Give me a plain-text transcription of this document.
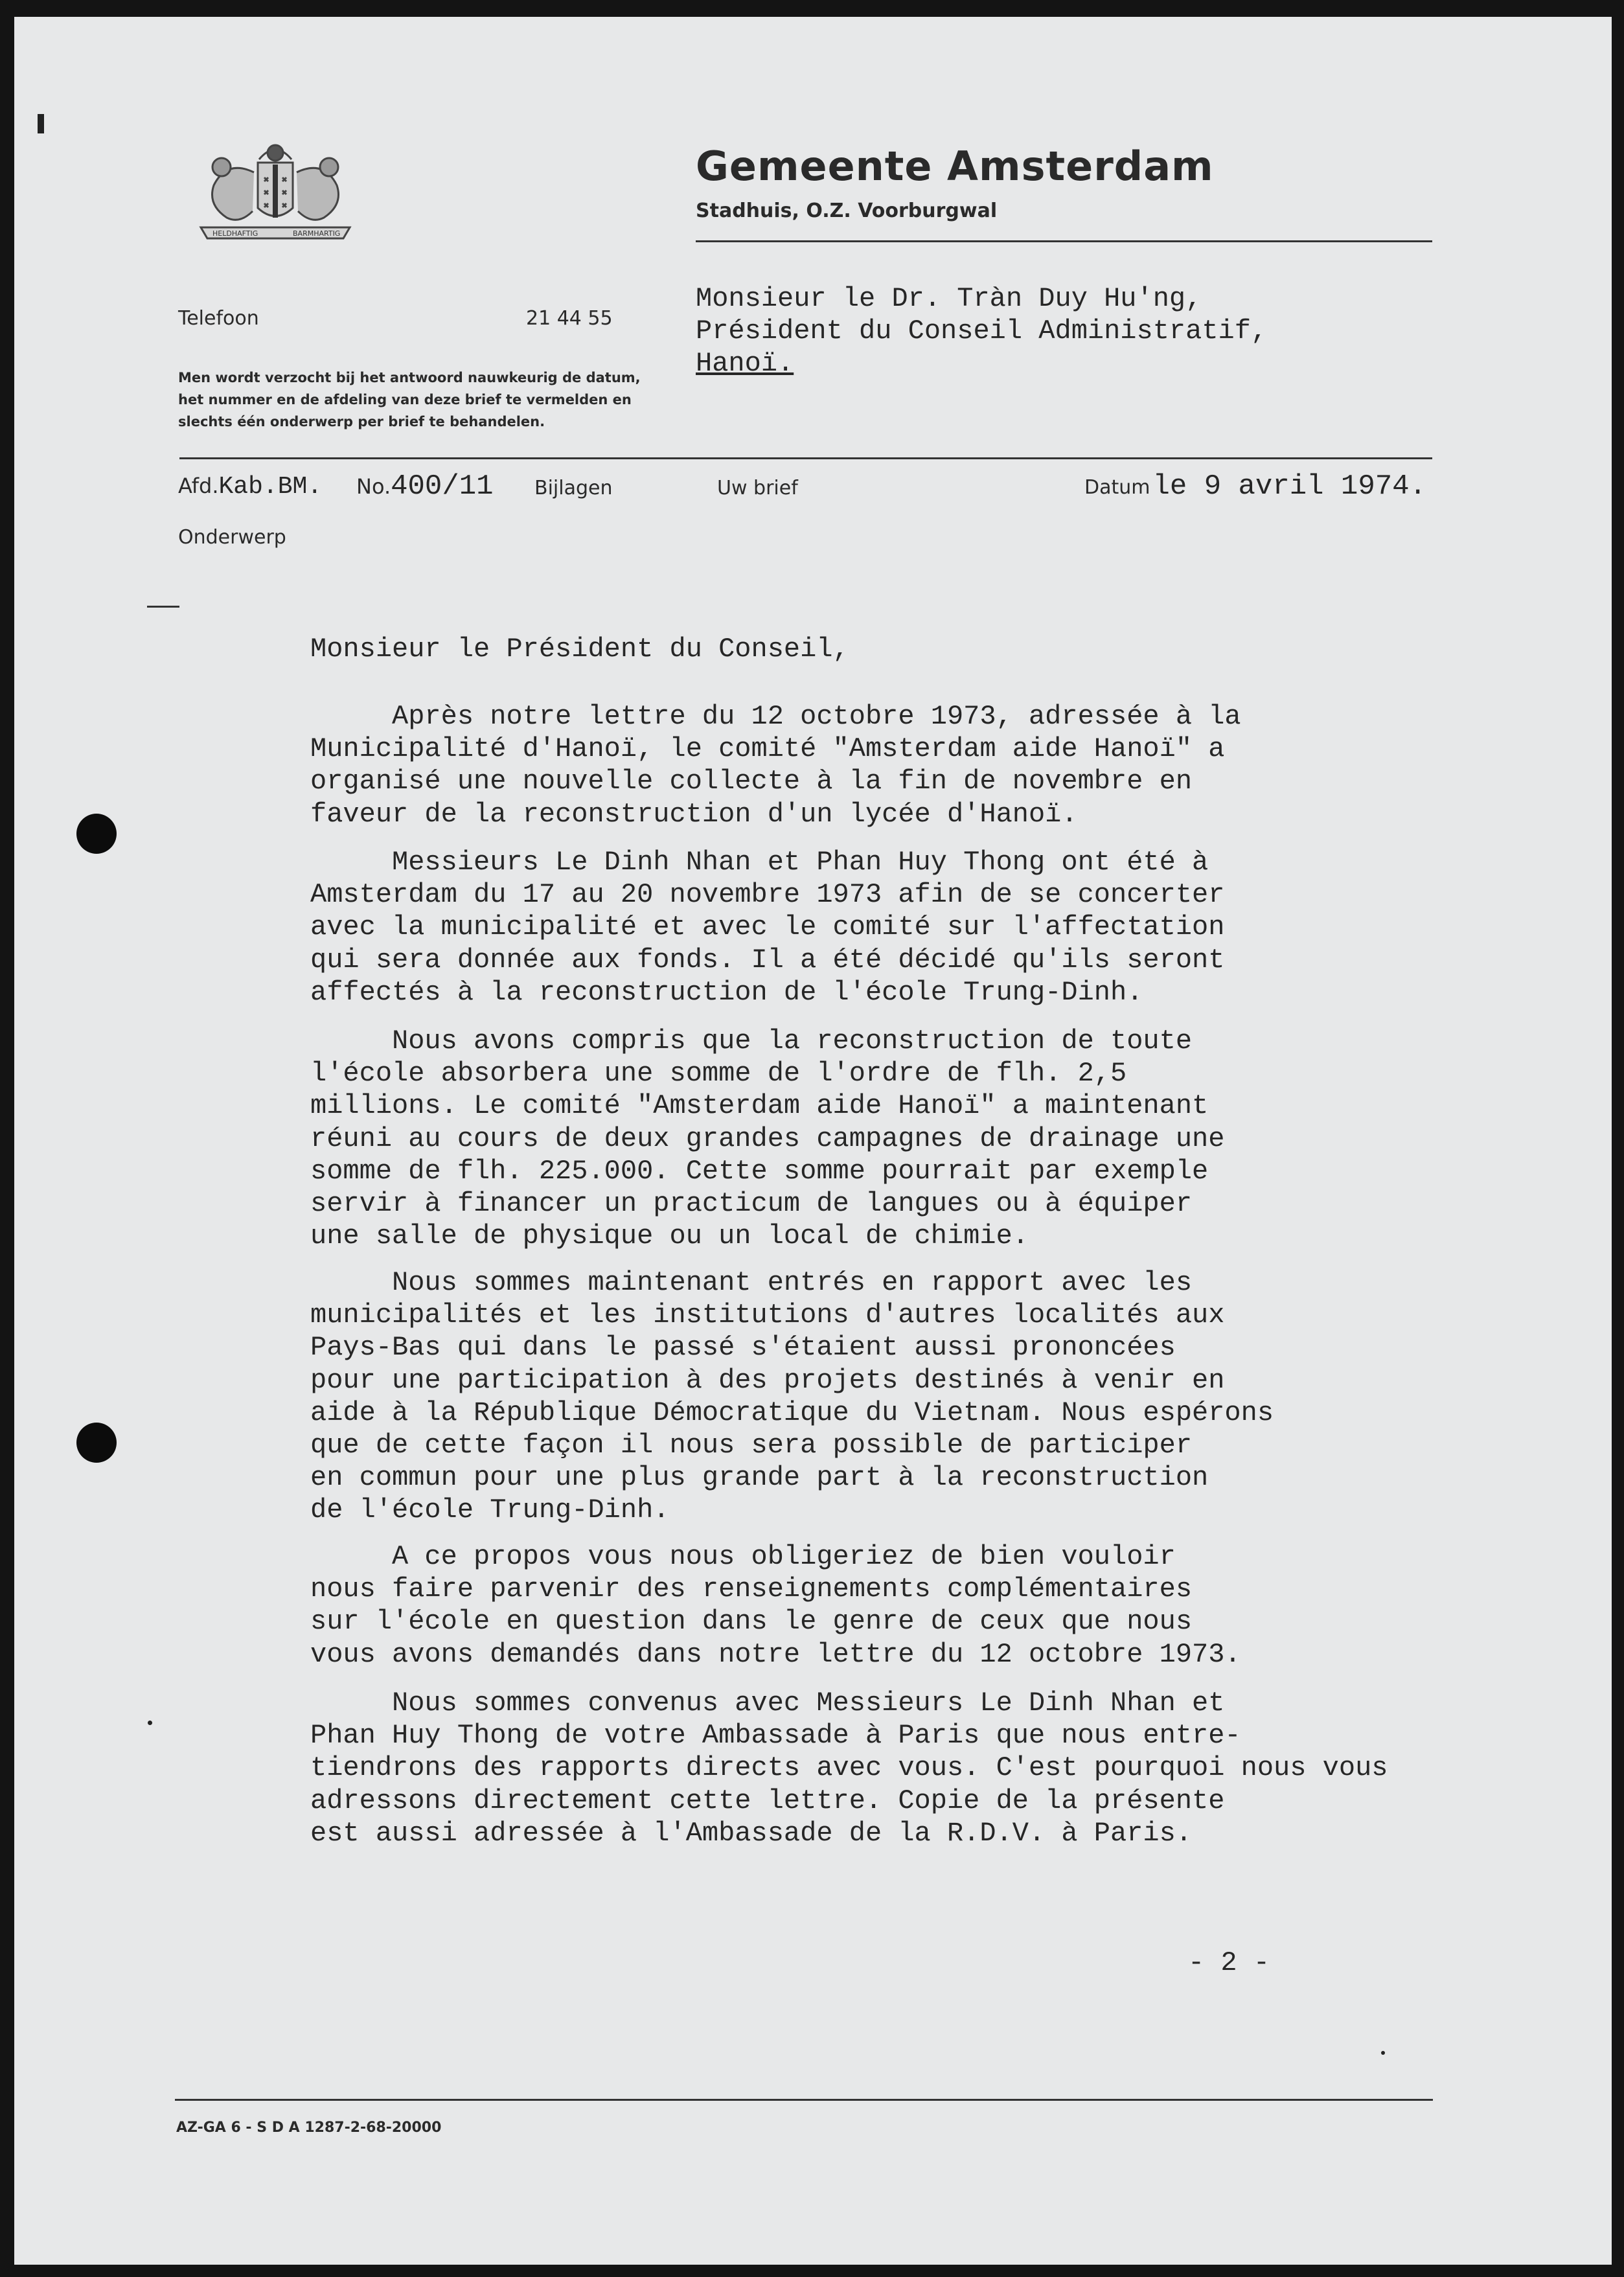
HELDHAFTIG	BARMHARTIG
Gemeente Amsterdam
Stadhuis, O.Z. Voorburgwal
Telefoon	21 44 55
Men wordt verzocht bij het antwoord nauwkeurig de datum,
het nummer en de afdeling van deze brief te vermelden en
slechts één onderwerp per brief te behandelen.
Monsieur le Dr. Tràn Duy Hu'ng,
Président du Conseil Administratif,
Hanoï.
Afd.Kab.BM. No.400/11 Bijlagen	Uw brief	Datum le 9 avril 1974.
Onderwerp
Monsieur le Président du Conseil,
Après notre lettre du 12 octobre 1973, adressée à la
Municipalité d'Hanoï, le comité "Amsterdam aide Hanoï" a
organisé une nouvelle collecte à la fin de novembre en
faveur de la reconstruction d'un lycée d'Hanoï.
Messieurs Le Dinh Nhan et Phan Huy Thong ont été à
Amsterdam du 17 au 20 novembre 1973 afin de se concerter
avec la municipalité et avec le comité sur l'affectation
qui sera donnée aux fonds. Il a été décidé qu'ils seront
affectés à la reconstruction de l'école Trung-Dinh.
Nous avons compris que la reconstruction de toute
l'école absorbera une somme de l'ordre de flh. 2,5
millions. Le comité "Amsterdam aide Hanoï" a maintenant
réuni au cours de deux grandes campagnes de drainage une
somme de flh. 225.000. Cette somme pourrait par exemple
servir à financer un practicum de langues ou à équiper
une salle de physique ou un local de chimie.
Nous sommes maintenant entrés en rapport avec les
municipalités et les institutions d'autres localités aux
Pays-Bas qui dans le passé s'étaient aussi prononcées
pour une participation à des projets destinés à venir en
aide à la République Démocratique du Vietnam. Nous espérons
que de cette façon il nous sera possible de participer
en commun pour une plus grande part à la reconstruction
de l'école Trung-Dinh.
A ce propos vous nous obligeriez de bien vouloir
nous faire parvenir des renseignements complémentaires
sur l'école en question dans le genre de ceux que nous
vous avons demandés dans notre lettre du 12 octobre 1973.
Nous sommes convenus avec Messieurs Le Dinh Nhan et
Phan Huy Thong de votre Ambassade à Paris que nous entre-
tiendrons des rapports directs avec vous. C'est pourquoi nous vous
adressons directement cette lettre. Copie de la présente
est aussi adressée à l'Ambassade de la R.D.V. à Paris.
- 2 -
AZ-GA 6 - S D A 1287-2-68-20000
